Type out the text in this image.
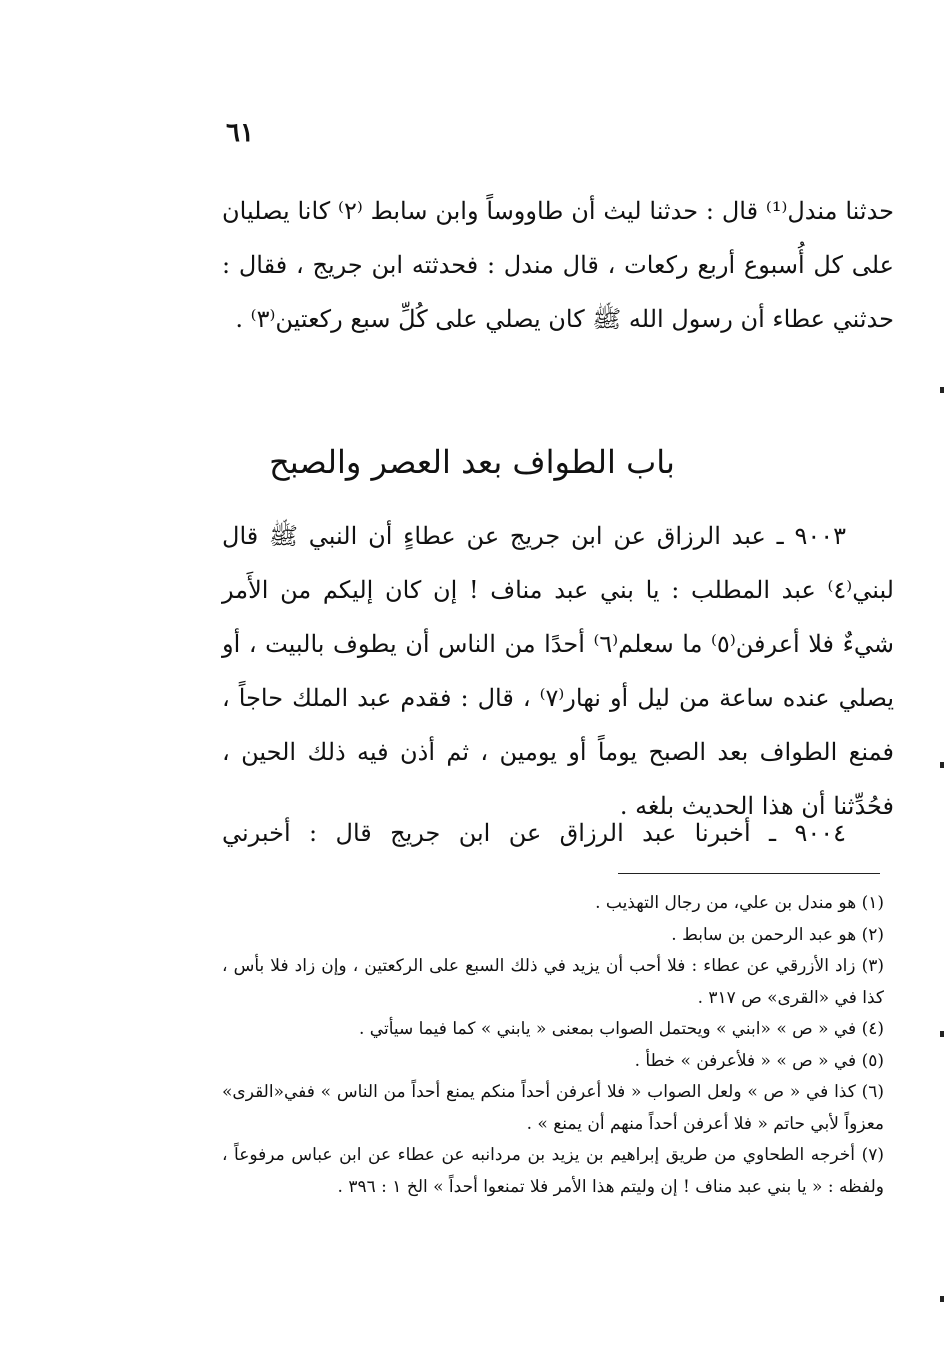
٦١

حدثنا مندل⁽¹⁾ قال : حدثنا ليث أن طاووساً وابن سابط ⁽٢⁾ كانا يصليان على كل أُسبوع أربع ركعات ، قال مندل : فحدثته ابن جريج ، فقال : حدثني عطاء أن رسول الله ﷺ كان يصلي على كُلِّ سبع ركعتين⁽٣⁾ .

باب الطواف بعد العصر والصبح

٩٠٠٣ ـ عبد الرزاق عن ابن جريج عن عطاءٍ أن النبي ﷺ قال لبني⁽٤⁾ عبد المطلب : يا بني عبد مناف ! إن كان إليكم من الأَمر شيءٌ فلا أعرفن⁽٥⁾ ما سعلم⁽٦⁾ أحدًا من الناس أن يطوف بالبيت ، أو يصلي عنده ساعة من ليل أو نهار⁽٧⁾ ، قال : فقدم عبد الملك حاجاً ، فمنع الطواف بعد الصبح يوماً أو يومين ، ثم أذن فيه ذلك الحين ، فحُدِّثنا أن هذا الحديث بلغه .

٩٠٠٤ ـ أخبرنا عبد الرزاق عن ابن جريج قال : أخبرني

(١) هو مندل بن علي، من رجال التهذيب .
(٢) هو عبد الرحمن بن سابط .
(٣) زاد الأزرقي عن عطاء : فلا أحب أن يزيد في ذلك السبع على الركعتين ، وإن زاد فلا بأس ، كذا في «القرى» ص ٣١٧ .
(٤) في « ص » «ابني » ويحتمل الصواب بمعنى « يابني » كما فيما سيأتي .
(٥) في « ص » « فلأعرفن » خطأ .
(٦) كذا في « ص » ولعل الصواب « فلا أعرفن أحداً منكم يمنع أحداً من الناس » ففي«القرى» معزواً لأبي حاتم « فلا أعرفن أحداً منهم أن يمنع » .
(٧) أخرجه الطحاوي من طريق إبراهيم بن يزيد بن مردانبه عن عطاء عن ابن عباس مرفوعاً ، ولفظه : « يا بني عبد مناف ! إن وليتم هذا الأمر فلا تمنعوا أحداً » الخ ١ : ٣٩٦ .
